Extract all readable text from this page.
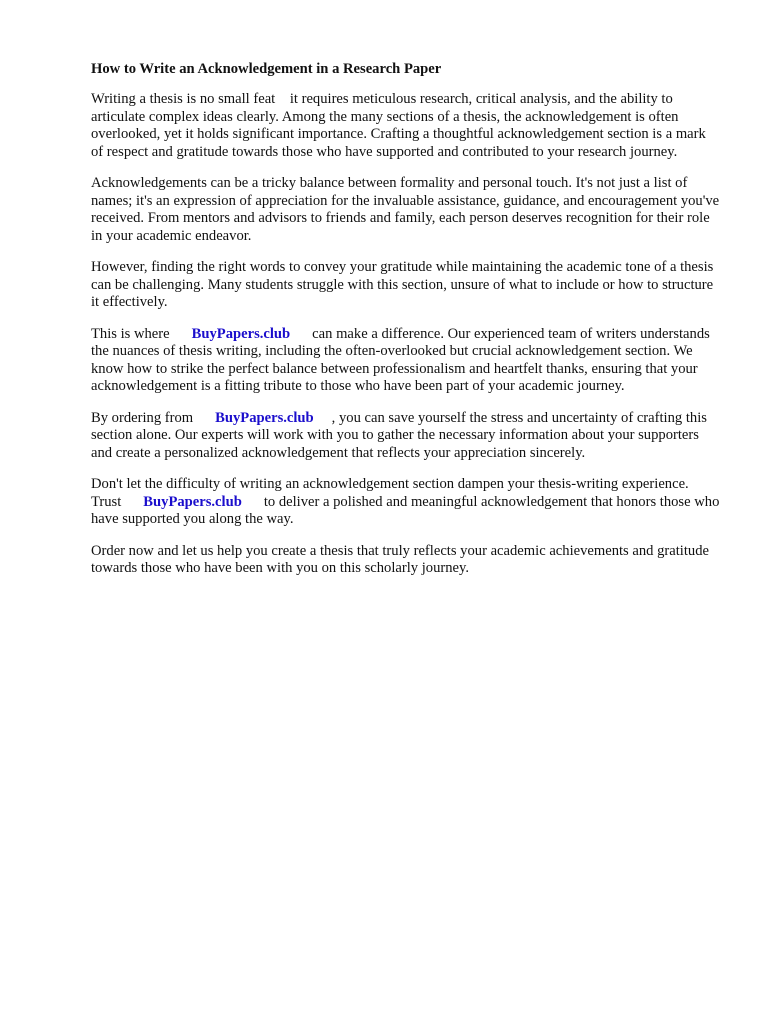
How to Write an Acknowledgement in a Research Paper

Writing a thesis is no small feat    it requires meticulous research, critical analysis, and the ability to articulate complex ideas clearly. Among the many sections of a thesis, the acknowledgement is often overlooked, yet it holds significant importance. Crafting a thoughtful acknowledgement section is a mark of respect and gratitude towards those who have supported and contributed to your research journey.

Acknowledgements can be a tricky balance between formality and personal touch. It's not just a list of names; it's an expression of appreciation for the invaluable assistance, guidance, and encouragement you've received. From mentors and advisors to friends and family, each person deserves recognition for their role in your academic endeavor.

However, finding the right words to convey your gratitude while maintaining the academic tone of a thesis can be challenging. Many students struggle with this section, unsure of what to include or how to structure it effectively.

This is where BuyPapers.club can make a difference. Our experienced team of writers understands the nuances of thesis writing, including the often-overlooked but crucial acknowledgement section. We know how to strike the perfect balance between professionalism and heartfelt thanks, ensuring that your acknowledgement is a fitting tribute to those who have been part of your academic journey.

By ordering from BuyPapers.club , you can save yourself the stress and uncertainty of crafting this section alone. Our experts will work with you to gather the necessary information about your supporters and create a personalized acknowledgement that reflects your appreciation sincerely.

Don't let the difficulty of writing an acknowledgement section dampen your thesis-writing experience. Trust BuyPapers.club to deliver a polished and meaningful acknowledgement that honors those who have supported you along the way.

Order now and let us help you create a thesis that truly reflects your academic achievements and gratitude towards those who have been with you on this scholarly journey.
